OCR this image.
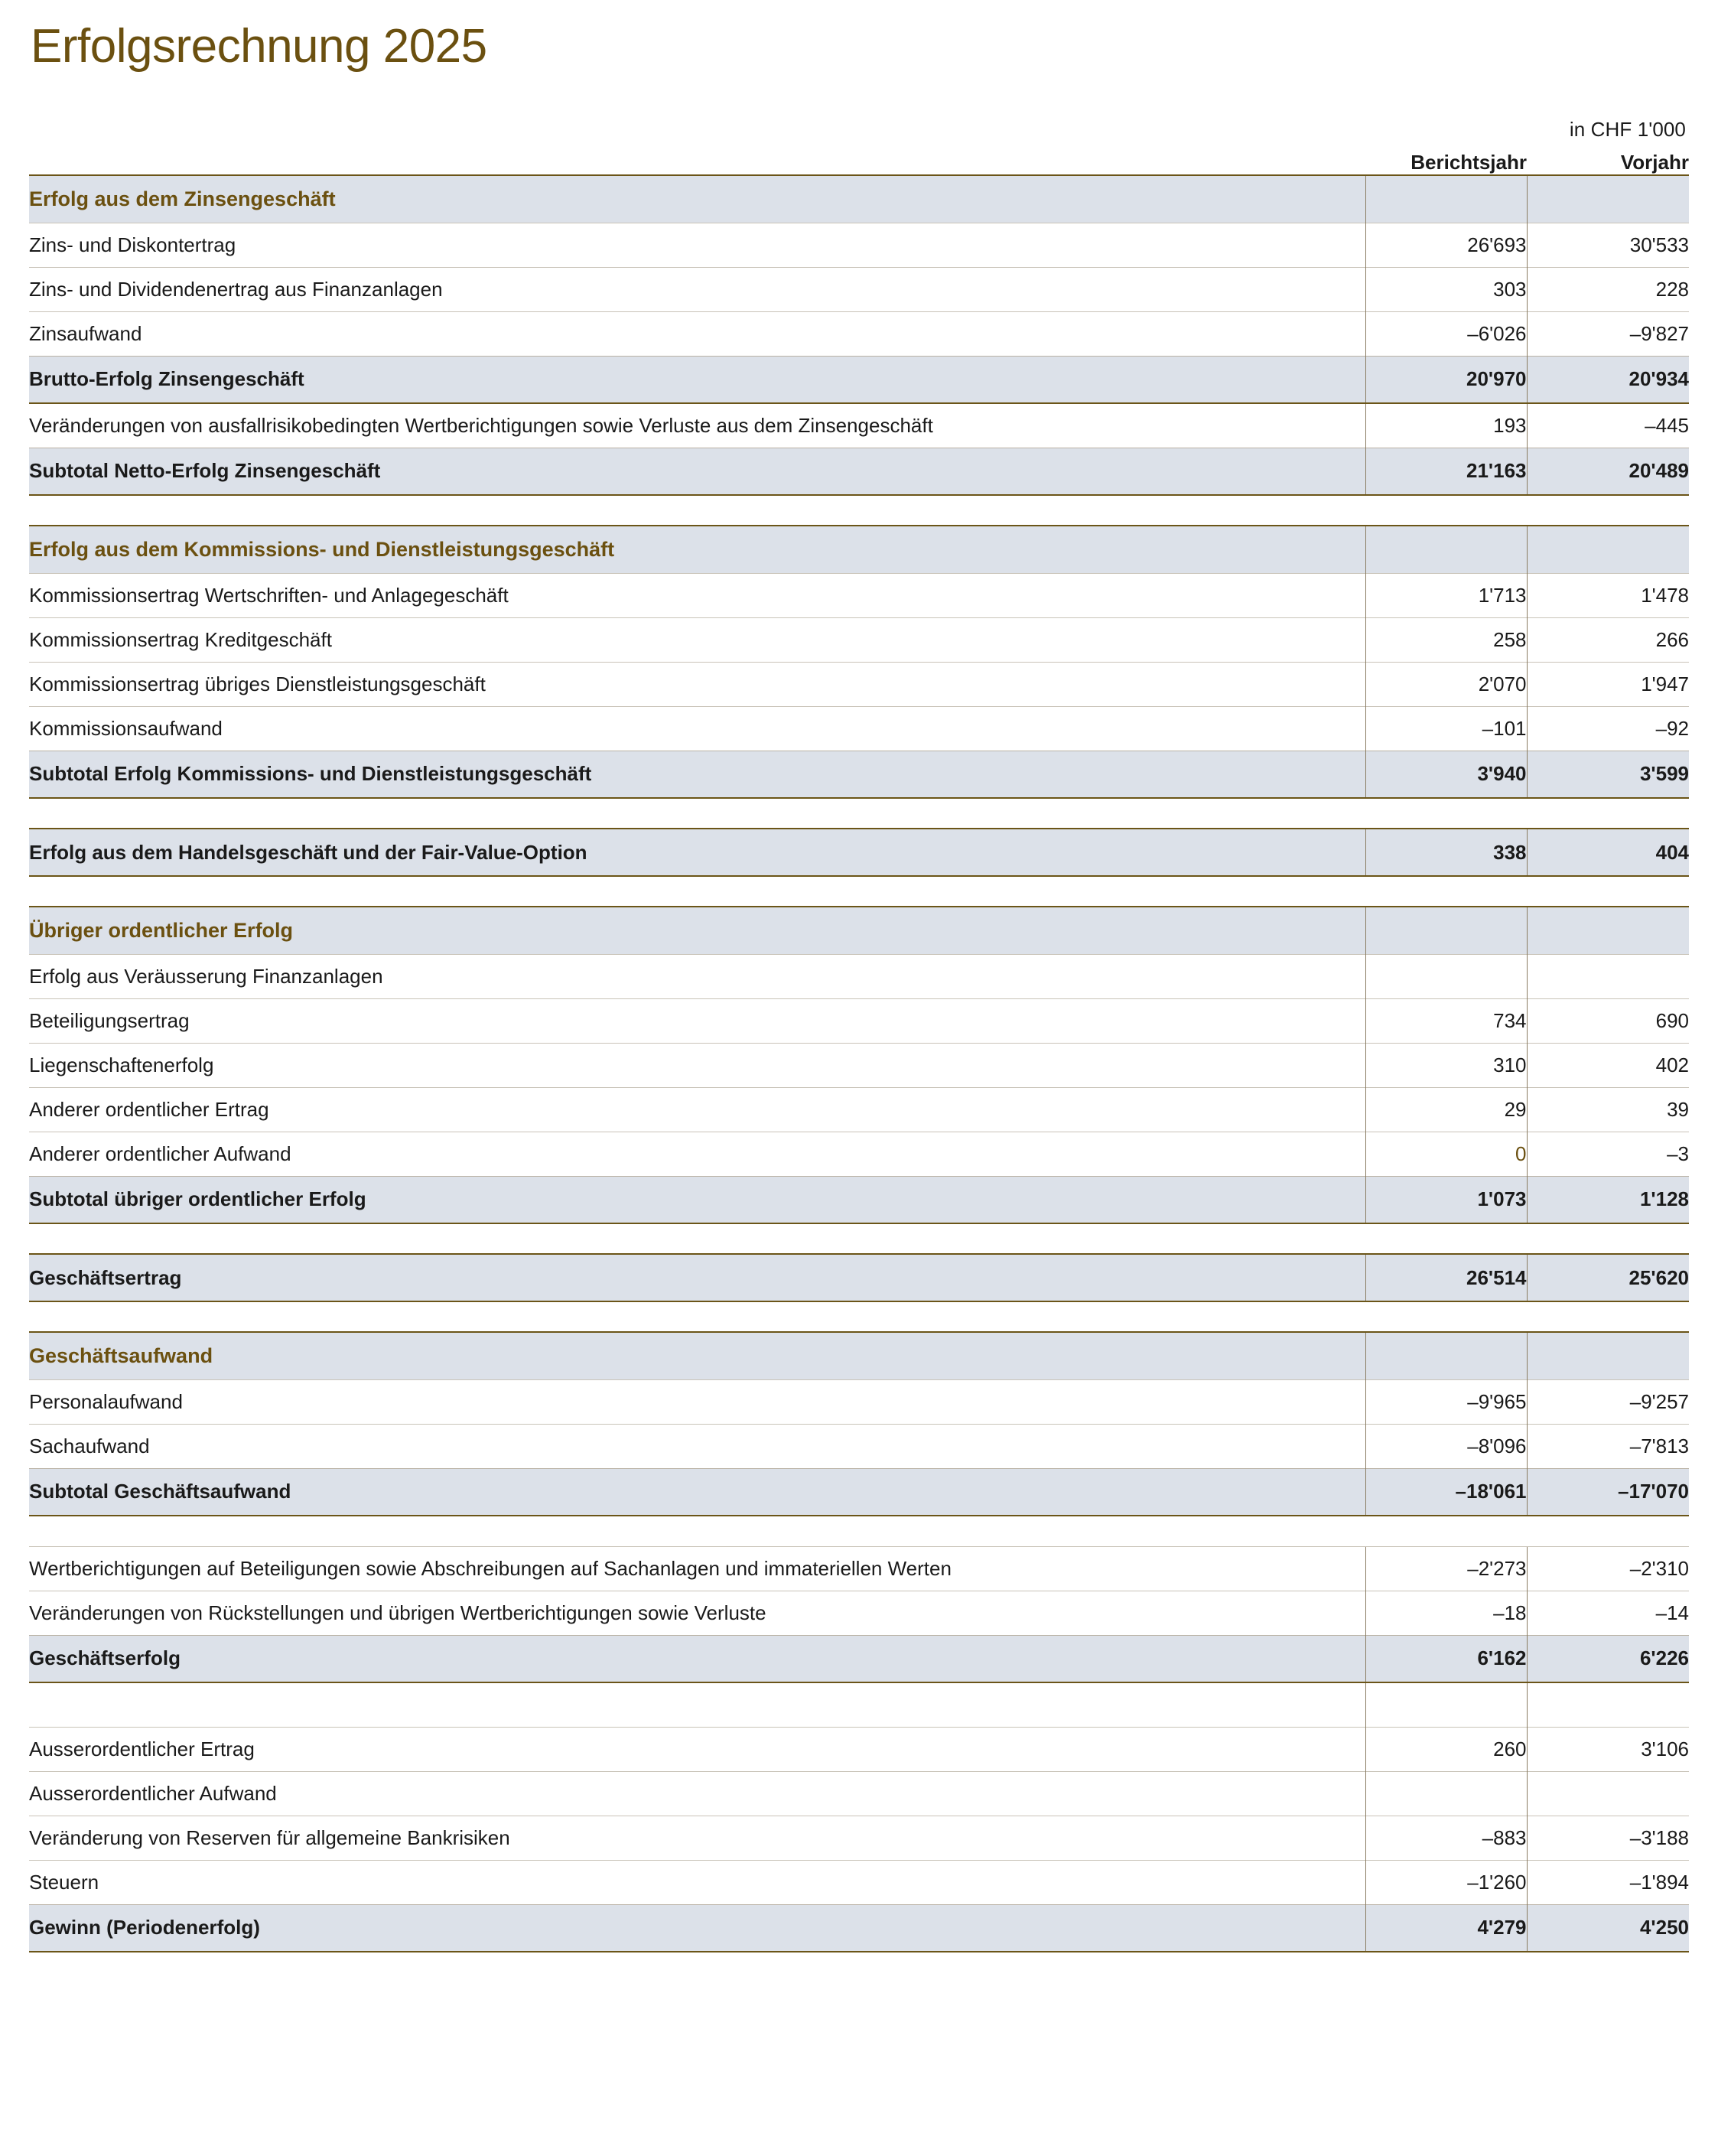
Erfolgsrechnung 2025
in CHF 1'000
	Berichtsjahr	Vorjahr
Erfolg aus dem Zinsengeschäft		
Zins- und Diskontertrag	26'693	30'533
Zins- und Dividendenertrag aus Finanzanlagen	303	228
Zinsaufwand	–6'026	–9'827
Brutto-Erfolg Zinsengeschäft	20'970	20'934
Veränderungen von ausfallrisikobedingten Wertberichtigungen sowie Verluste aus dem Zinsengeschäft	193	–445
Subtotal Netto-Erfolg Zinsengeschäft	21'163	20'489

Erfolg aus dem Kommissions- und Dienstleistungsgeschäft		
Kommissionsertrag Wertschriften- und Anlagegeschäft	1'713	1'478
Kommissionsertrag Kreditgeschäft	258	266
Kommissionsertrag übriges Dienstleistungsgeschäft	2'070	1'947
Kommissionsaufwand	–101	–92
Subtotal Erfolg Kommissions- und Dienstleistungsgeschäft	3'940	3'599

Erfolg aus dem Handelsgeschäft und der Fair-Value-Option	338	404

Übriger ordentlicher Erfolg		
Erfolg aus Veräusserung Finanzanlagen		
Beteiligungsertrag	734	690
Liegenschaftenerfolg	310	402
Anderer ordentlicher Ertrag	29	39
Anderer ordentlicher Aufwand	0	–3
Subtotal übriger ordentlicher Erfolg	1'073	1'128

Geschäftsertrag	26'514	25'620

Geschäftsaufwand		
Personalaufwand	–9'965	–9'257
Sachaufwand	–8'096	–7'813
Subtotal Geschäftsaufwand	–18'061	–17'070

Wertberichtigungen auf Beteiligungen sowie Abschreibungen auf Sachanlagen und immateriellen Werten	–2'273	–2'310
Veränderungen von Rückstellungen und übrigen Wertberichtigungen sowie Verluste	–18	–14
Geschäftserfolg	6'162	6'226

Ausserordentlicher Ertrag	260	3'106
Ausserordentlicher Aufwand		
Veränderung von Reserven für allgemeine Bankrisiken	–883	–3'188
Steuern	–1'260	–1'894
Gewinn (Periodenerfolg)	4'279	4'250
